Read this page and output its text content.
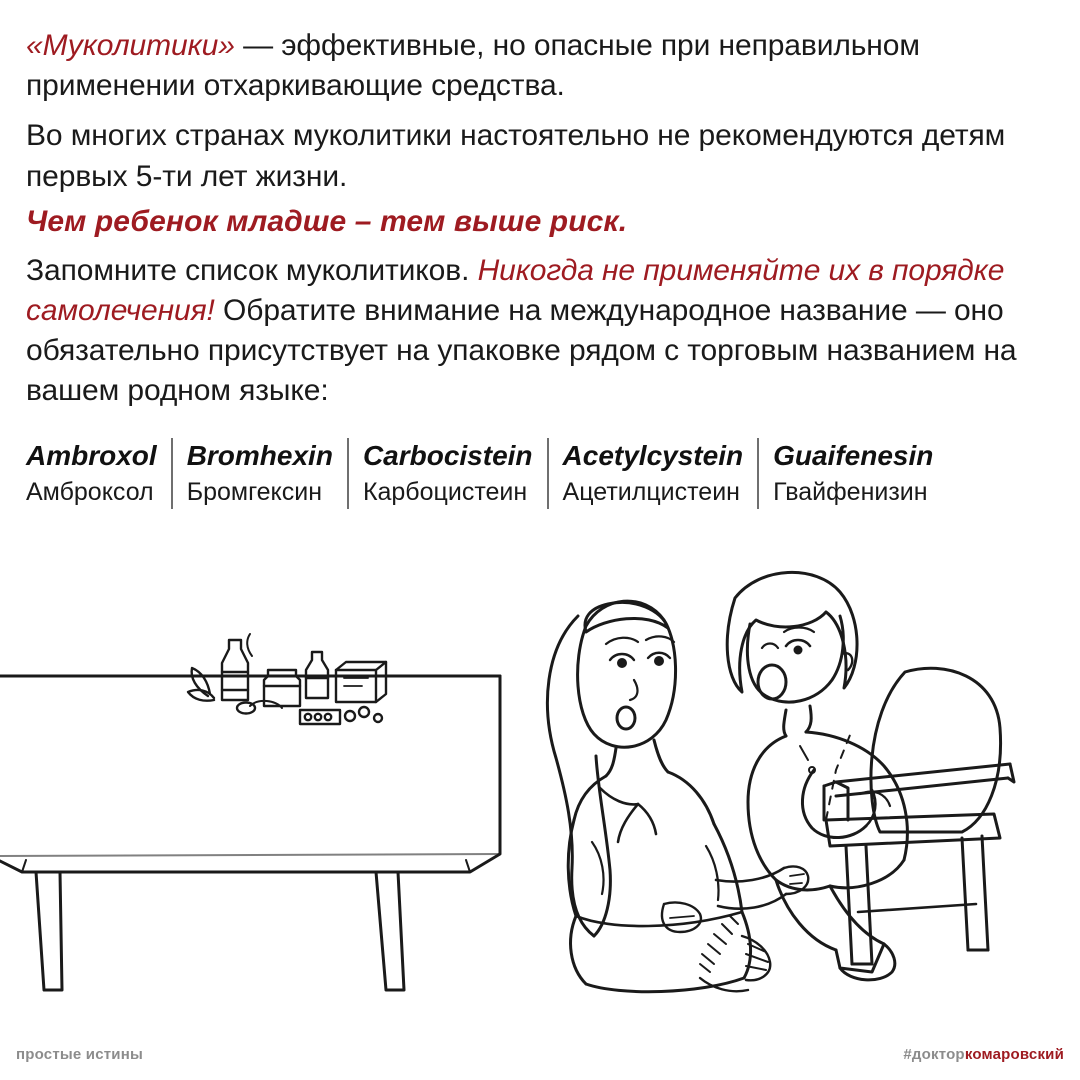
«Муколитики» — эффективные, но опасные при неправильном применении отхаркивающие средства.

Во многих странах муколитики настоятельно не рекомендуются детям первых 5-ти лет жизни.

Чем ребенок младше – тем выше риск.

Запомните список муколитиков. Никогда не применяйте их в порядке самолечения! Обратите внимание на международное название — оно обязательно присутствует на упаковке рядом с торговым названием на вашем родном языке:

Ambroxol
Амброксол
Bromhexin
Бромгексин
Carbocistein
Карбоцистеин
Acetylcystein
Ацетилцистеин
Guaifenesin
Гвайфенизин
простые истины	#докторкомаровский
